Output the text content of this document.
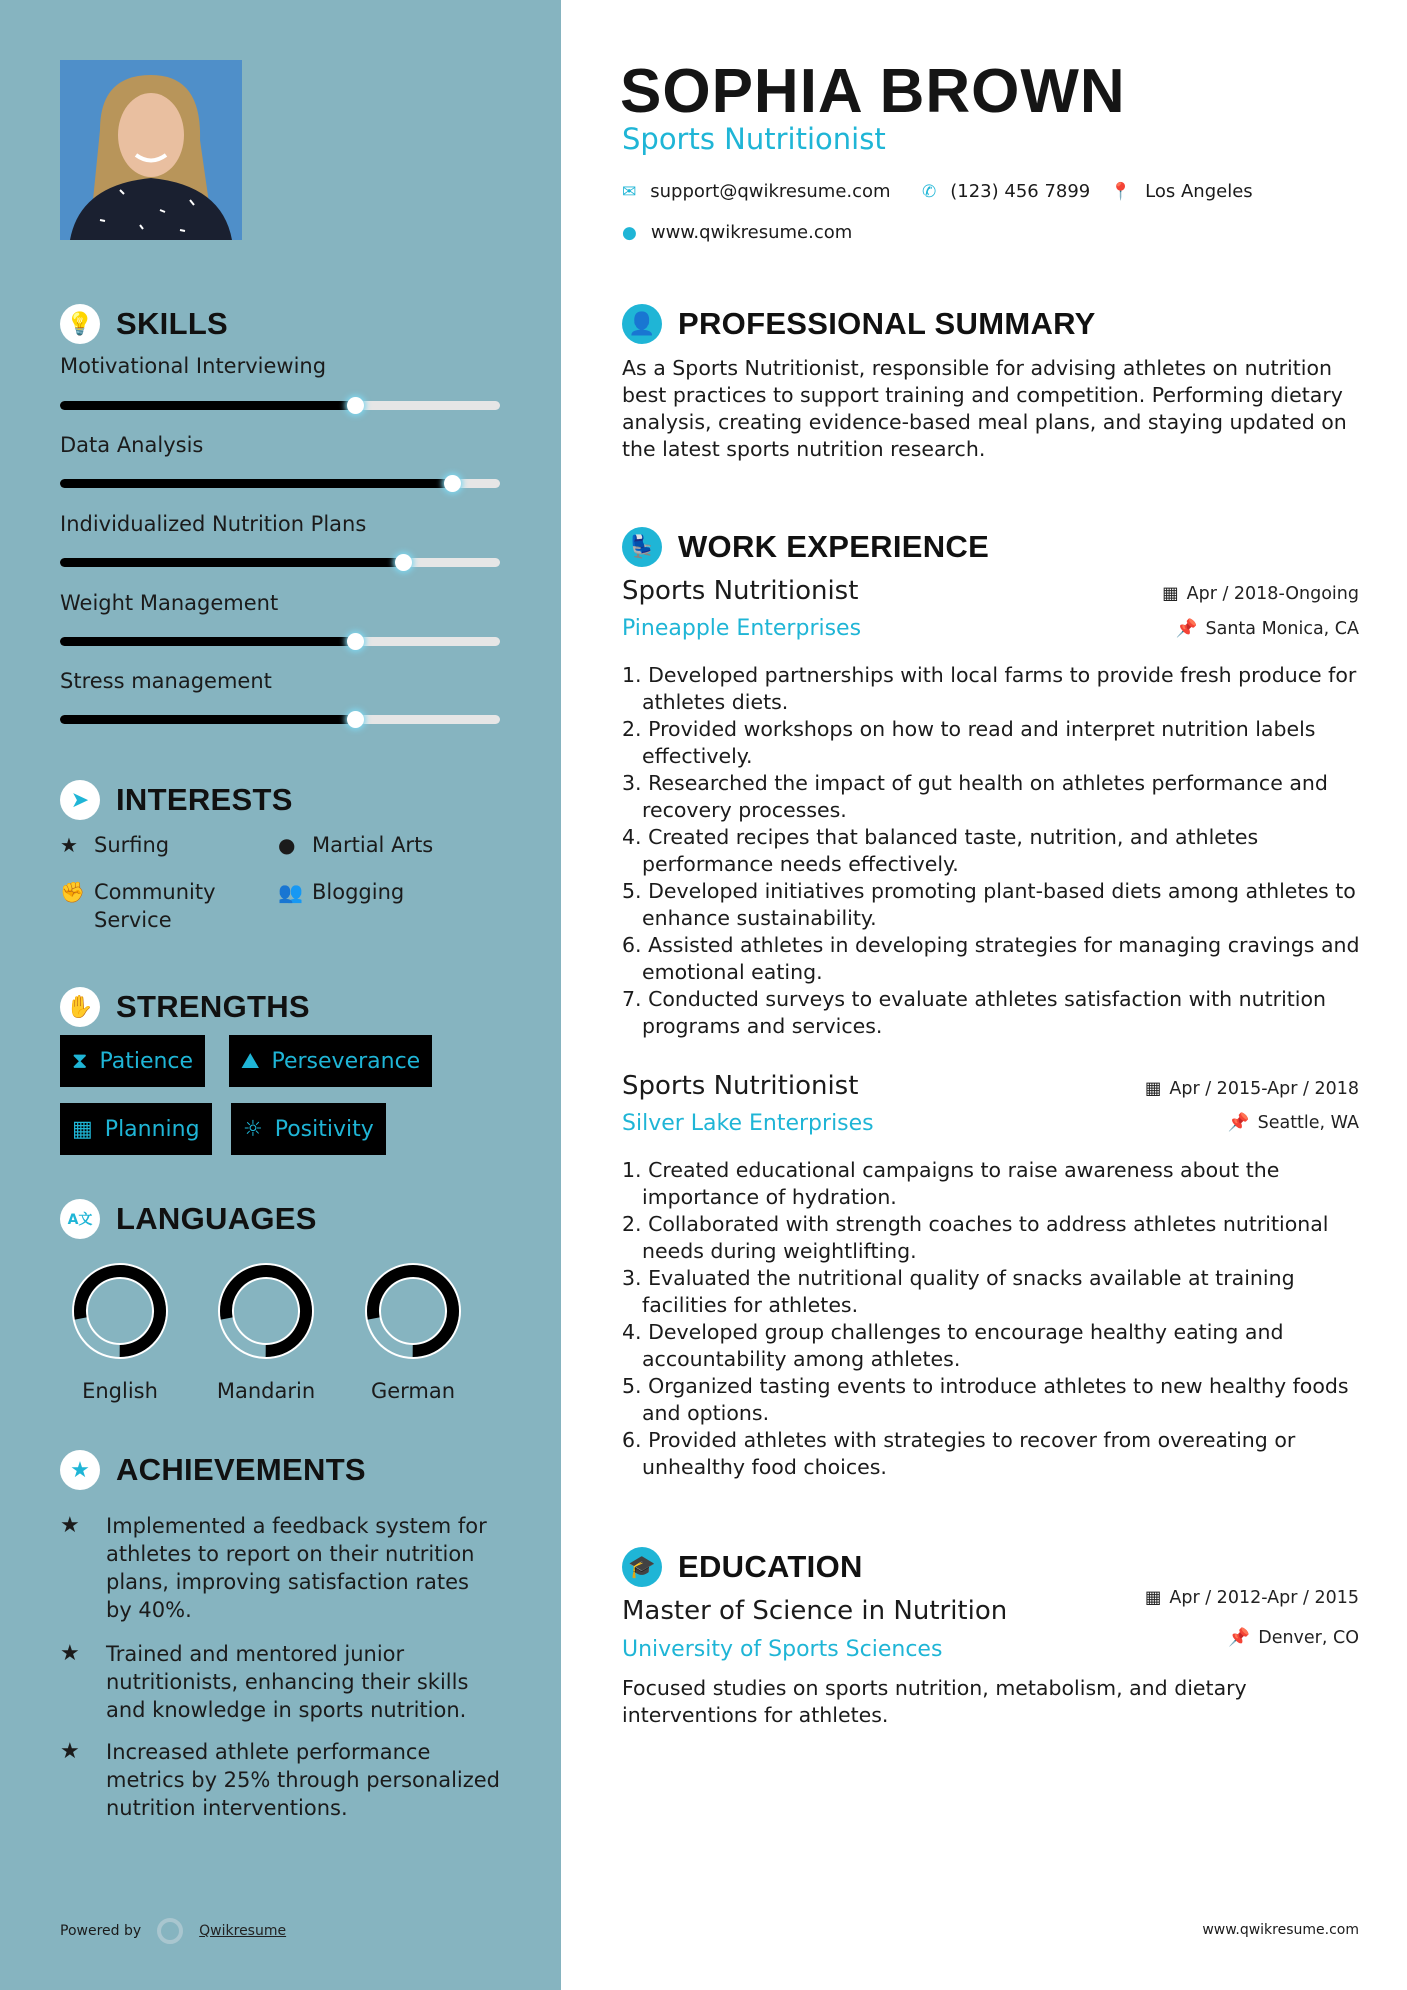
💡 SKILLS
Motivational Interviewing
Data Analysis
Individualized Nutrition Plans
Weight Management
Stress management
➤ INTERESTS
★ Surfing	● Martial Arts
✊ Community Service
👥 Blogging
✋ STRENGTHS
⧗ Patience ⛰ Perseverance
▦ Planning ☼ Positivity
A文 LANGUAGES
English	Mandarin	German
★ ACHIEVEMENTS
★	Implemented a feedback system for athletes to report on their nutrition plans, improving satisfaction rates by 40%.
★	Trained and mentored junior nutritionists, enhancing their skills and knowledge in sports nutrition.
★	Increased athlete performance metrics by 25% through personalized nutrition interventions.
Powered by	Qwikresume
SOPHIA BROWN
Sports Nutritionist
✉ support@qwikresume.com ✆ (123) 456 7899 📍 Los Angeles
● www.qwikresume.com
👤 PROFESSIONAL SUMMARY
As a Sports Nutritionist, responsible for advising athletes on nutrition best practices to support training and competition. Performing dietary analysis, creating evidence-based meal plans, and staying updated on the latest sports nutrition research.
💺 WORK EXPERIENCE
Sports Nutritionist
Pineapple Enterprises
▦ Apr / 2018-Ongoing
📌 Santa Monica, CA
1. Developed partnerships with local farms to provide fresh produce for athletes diets.
2. Provided workshops on how to read and interpret nutrition labels effectively.
3. Researched the impact of gut health on athletes performance and recovery processes.
4. Created recipes that balanced taste, nutrition, and athletes performance needs effectively.
5. Developed initiatives promoting plant-based diets among athletes to enhance sustainability.
6. Assisted athletes in developing strategies for managing cravings and emotional eating.
7. Conducted surveys to evaluate athletes satisfaction with nutrition programs and services.
Sports Nutritionist
Silver Lake Enterprises
▦ Apr / 2015-Apr / 2018
📌 Seattle, WA
1. Created educational campaigns to raise awareness about the importance of hydration.
2. Collaborated with strength coaches to address athletes nutritional needs during weightlifting.
3. Evaluated the nutritional quality of snacks available at training facilities for athletes.
4. Developed group challenges to encourage healthy eating and accountability among athletes.
5. Organized tasting events to introduce athletes to new healthy foods and options.
6. Provided athletes with strategies to recover from overeating or unhealthy food choices.
🎓 EDUCATION
Master of Science in Nutrition
University of Sports Sciences
▦ Apr / 2012-Apr / 2015
📌 Denver, CO
Focused studies on sports nutrition, metabolism, and dietary interventions for athletes.
www.qwikresume.com
